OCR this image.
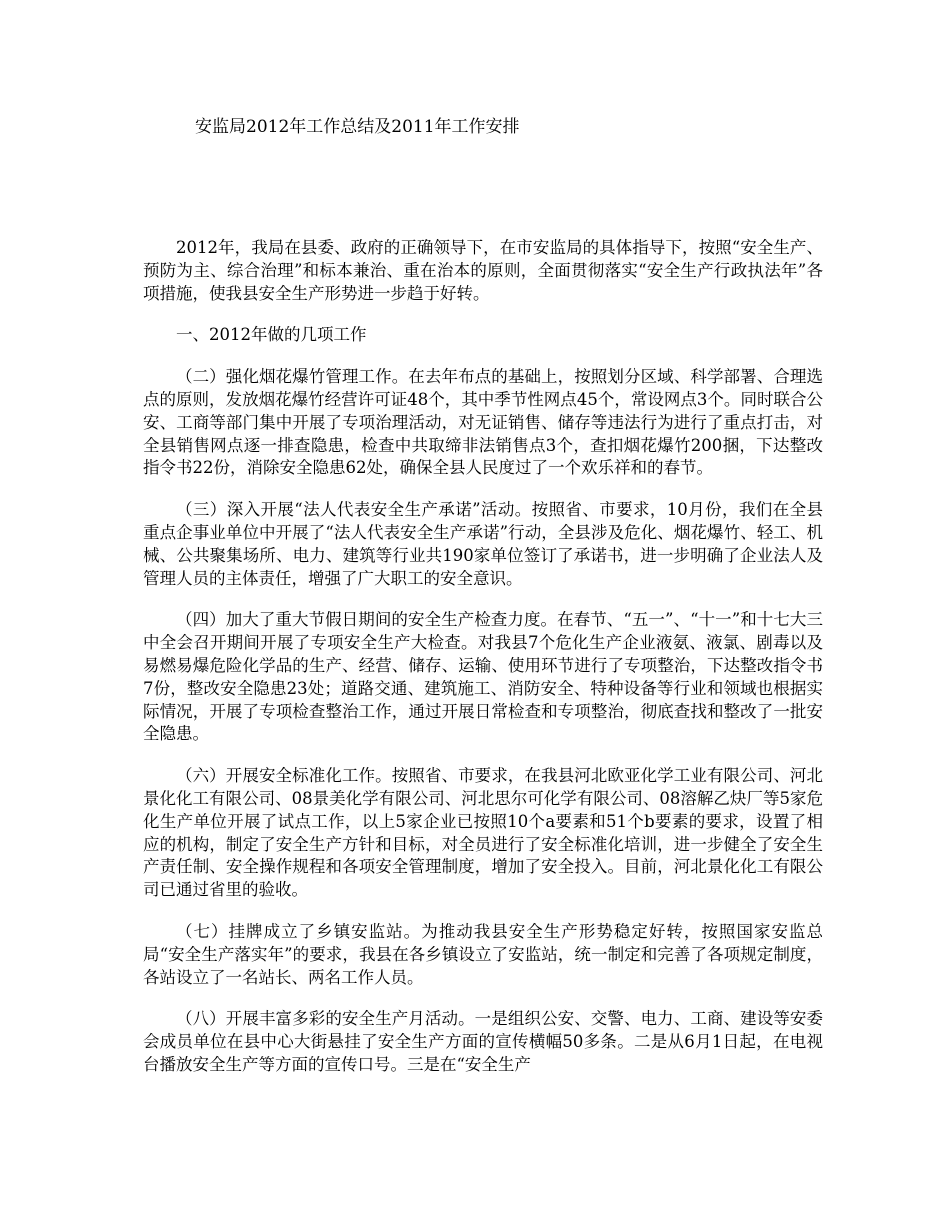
安监局2012年工作总结及2011年工作安排

2012年，我局在县委、政府的正确领导下，在市安监局的具体指导下，按照“安全生产、预防为主、综合治理”和标本兼治、重在治本的原则，全面贯彻落实“安全生产行政执法年”各项措施，使我县安全生产形势进一步趋于好转。

一、2012年做的几项工作

（二）强化烟花爆竹管理工作。在去年布点的基础上，按照划分区域、科学部署、合理选点的原则，发放烟花爆竹经营许可证48个，其中季节性网点45个，常设网点3个。同时联合公安、工商等部门集中开展了专项治理活动，对无证销售、储存等违法行为进行了重点打击，对全县销售网点逐一排查隐患，检查中共取缔非法销售点3个，查扣烟花爆竹200捆，下达整改指令书22份，消除安全隐患62处，确保全县人民度过了一个欢乐祥和的春节。

（三）深入开展“法人代表安全生产承诺”活动。按照省、市要求，10月份，我们在全县重点企事业单位中开展了“法人代表安全生产承诺”行动，全县涉及危化、烟花爆竹、轻工、机械、公共聚集场所、电力、建筑等行业共190家单位签订了承诺书，进一步明确了企业法人及管理人员的主体责任，增强了广大职工的安全意识。

（四）加大了重大节假日期间的安全生产检查力度。在春节、“五一”、“十一”和十七大三中全会召开期间开展了专项安全生产大检查。对我县7个危化生产企业液氨、液氯、剧毒以及易燃易爆危险化学品的生产、经营、储存、运输、使用环节进行了专项整治，下达整改指令书7份，整改安全隐患23处；道路交通、建筑施工、消防安全、特种设备等行业和领域也根据实际情况，开展了专项检查整治工作，通过开展日常检查和专项整治，彻底查找和整改了一批安全隐患。

（六）开展安全标准化工作。按照省、市要求，在我县河北欧亚化学工业有限公司、河北景化化工有限公司、08景美化学有限公司、河北思尔可化学有限公司、08溶解乙炔厂等5家危化生产单位开展了试点工作，以上5家企业已按照10个a要素和51个b要素的要求，设置了相应的机构，制定了安全生产方针和目标，对全员进行了安全标准化培训，进一步健全了安全生产责任制、安全操作规程和各项安全管理制度，增加了安全投入。目前，河北景化化工有限公司已通过省里的验收。

（七）挂牌成立了乡镇安监站。为推动我县安全生产形势稳定好转，按照国家安监总局“安全生产落实年”的要求，我县在各乡镇设立了安监站，统一制定和完善了各项规定制度，各站设立了一名站长、两名工作人员。

（八）开展丰富多彩的安全生产月活动。一是组织公安、交警、电力、工商、建设等安委会成员单位在县中心大街悬挂了安全生产方面的宣传横幅50多条。二是从6月1日起，在电视台播放安全生产等方面的宣传口号。三是在“安全生产
